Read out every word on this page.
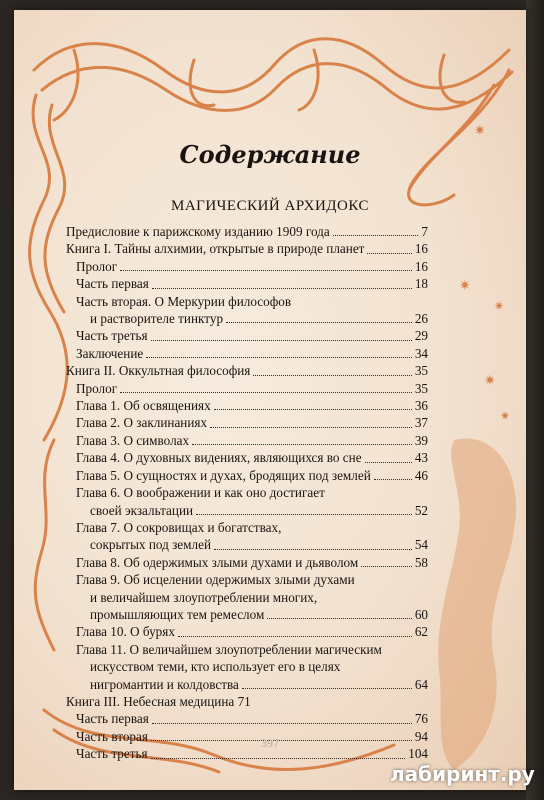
✷
✷
✷
✷
✷
Содержание
МАГИЧЕСКИЙ АРХИДОКС
Предисловие к парижскому изданию 1909 года	7
Книга I. Тайны алхимии, открытые в природе планет	16
Пролог	16
Часть первая	18
Часть вторая. О Меркурии философов
и растворителе тинктур	26
Часть третья	29
Заключение	34
Книга II. Оккультная философия	35
Пролог	35
Глава 1. Об освящениях	36
Глава 2. О заклинаниях	37
Глава 3. О символах	39
Глава 4. О духовных видениях, являющихся во сне	43
Глава 5. О сущностях и духах, бродящих под землей	46
Глава 6. О воображении и как оно достигает
своей экзальтации	52
Глава 7. О сокровищах и богатствах,
сокрытых под землей	54
Глава 8. Об одержимых злыми духами и дьяволом	58
Глава 9. Об исцелении одержимых злыми духами
и величайшем злоупотреблении многих,
промышляющих тем ремеслом	60
Глава 10. О бурях	62
Глава 11. О величайшем злоупотреблении магическим
искусством теми, кто использует его в целях
нигромантии и колдовства	64
Книга III. Небесная медицина 71
Часть первая	76
Часть вторая	94
Часть третья	104
397
лабиринт.ру
